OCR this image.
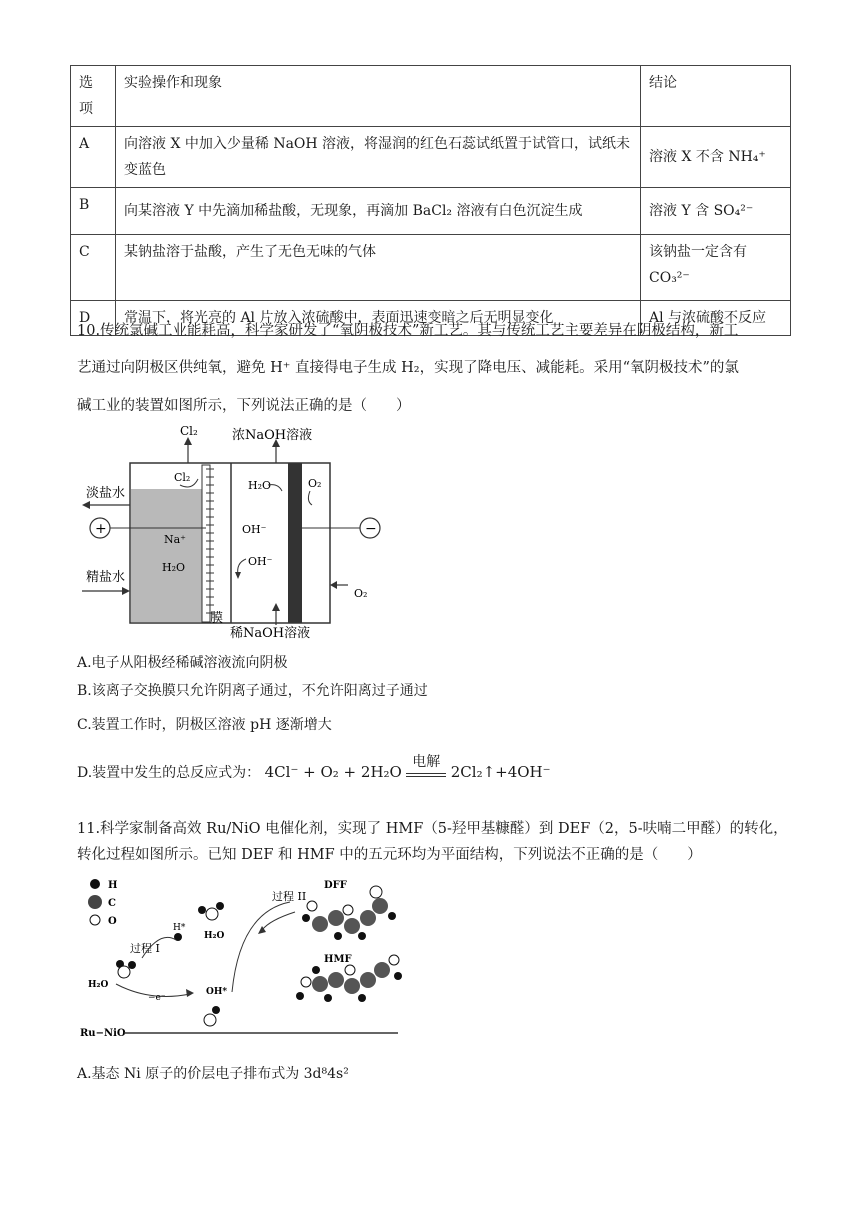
选项	实验操作和现象	结论
A	向溶液 X 中加入少量稀 NaOH 溶液，将湿润的红色石蕊试纸置于试管口，试纸未变蓝色	溶液 X 不含 NH₄⁺
B	向某溶液 Y 中先滴加稀盐酸，无现象，再滴加 BaCl₂ 溶液有白色沉淀生成	溶液 Y 含 SO₄²⁻
C	某钠盐溶于盐酸，产生了无色无味的气体	该钠盐一定含有 CO₃²⁻
D	常温下，将光亮的 Al 片放入浓硫酸中，表面迅速变暗之后无明显变化	Al 与浓硫酸不反应
10.传统氯碱工业能耗高，科学家研发了“氧阴极技术”新工艺。其与传统工艺主要差异在阴极结构，新工
艺通过向阴极区供纯氧，避免 H⁺ 直接得电子生成 H₂，实现了降电压、减能耗。采用“氧阴极技术”的氯
碱工业的装置如图所示，下列说法正确的是（　　）
Cl₂
Cl₂
浓NaOH溶液
淡盐水
精盐水
+	−
Na⁺
H₂O
H₂O	O₂
OH⁻
OH⁻
O₂
膜
稀NaOH溶液
A.电子从阳极经稀碱溶液流向阴极
B.该离子交换膜只允许阴离子通过，不允许阳离过子通过
C.装置工作时，阴极区溶液 pH 逐渐增大
D.装置中发生的总反应式为： 4Cl⁻ + O₂ + 2H₂O
电解
2Cl₂↑+4OH⁻
11.科学家制备高效 Ru/NiO 电催化剂，实现了 HMF（5-羟甲基糠醛）到 DEF（2，5-呋喃二甲醛）的转化，
转化过程如图所示。已知 DEF 和 HMF 中的五元环均为平面结构，下列说法不正确的是（　　）
H
C
O
过程 I
H*
H₂O
−e⁻
OH*
H₂O
过程 II
DFF
HMF
Ru−NiO
A.基态 Ni 原子的价层电子排布式为 3d⁸4s²
